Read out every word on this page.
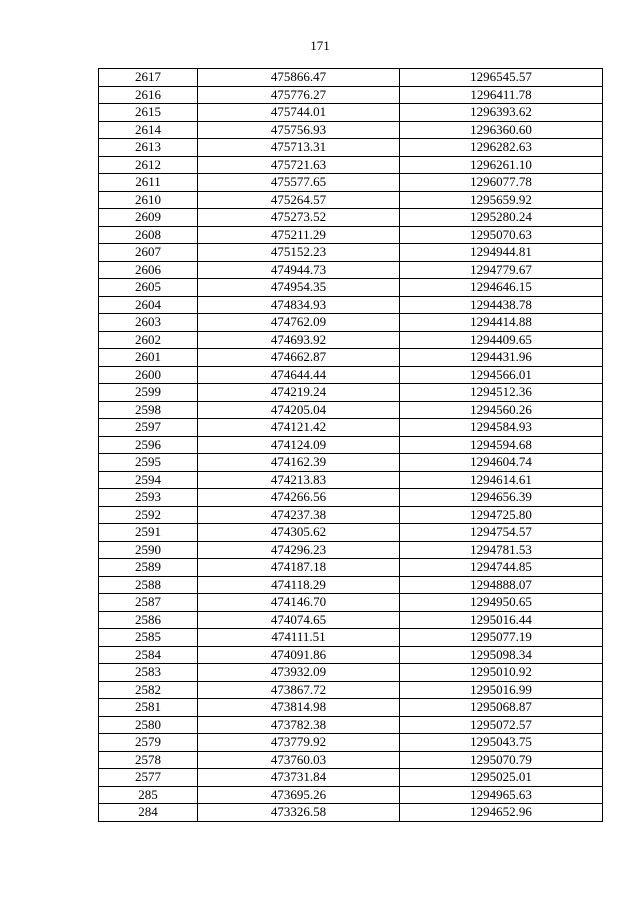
171
2617	475866.47	1296545.57
2616	475776.27	1296411.78
2615	475744.01	1296393.62
2614	475756.93	1296360.60
2613	475713.31	1296282.63
2612	475721.63	1296261.10
2611	475577.65	1296077.78
2610	475264.57	1295659.92
2609	475273.52	1295280.24
2608	475211.29	1295070.63
2607	475152.23	1294944.81
2606	474944.73	1294779.67
2605	474954.35	1294646.15
2604	474834.93	1294438.78
2603	474762.09	1294414.88
2602	474693.92	1294409.65
2601	474662.87	1294431.96
2600	474644.44	1294566.01
2599	474219.24	1294512.36
2598	474205.04	1294560.26
2597	474121.42	1294584.93
2596	474124.09	1294594.68
2595	474162.39	1294604.74
2594	474213.83	1294614.61
2593	474266.56	1294656.39
2592	474237.38	1294725.80
2591	474305.62	1294754.57
2590	474296.23	1294781.53
2589	474187.18	1294744.85
2588	474118.29	1294888.07
2587	474146.70	1294950.65
2586	474074.65	1295016.44
2585	474111.51	1295077.19
2584	474091.86	1295098.34
2583	473932.09	1295010.92
2582	473867.72	1295016.99
2581	473814.98	1295068.87
2580	473782.38	1295072.57
2579	473779.92	1295043.75
2578	473760.03	1295070.79
2577	473731.84	1295025.01
285	473695.26	1294965.63
284	473326.58	1294652.96
